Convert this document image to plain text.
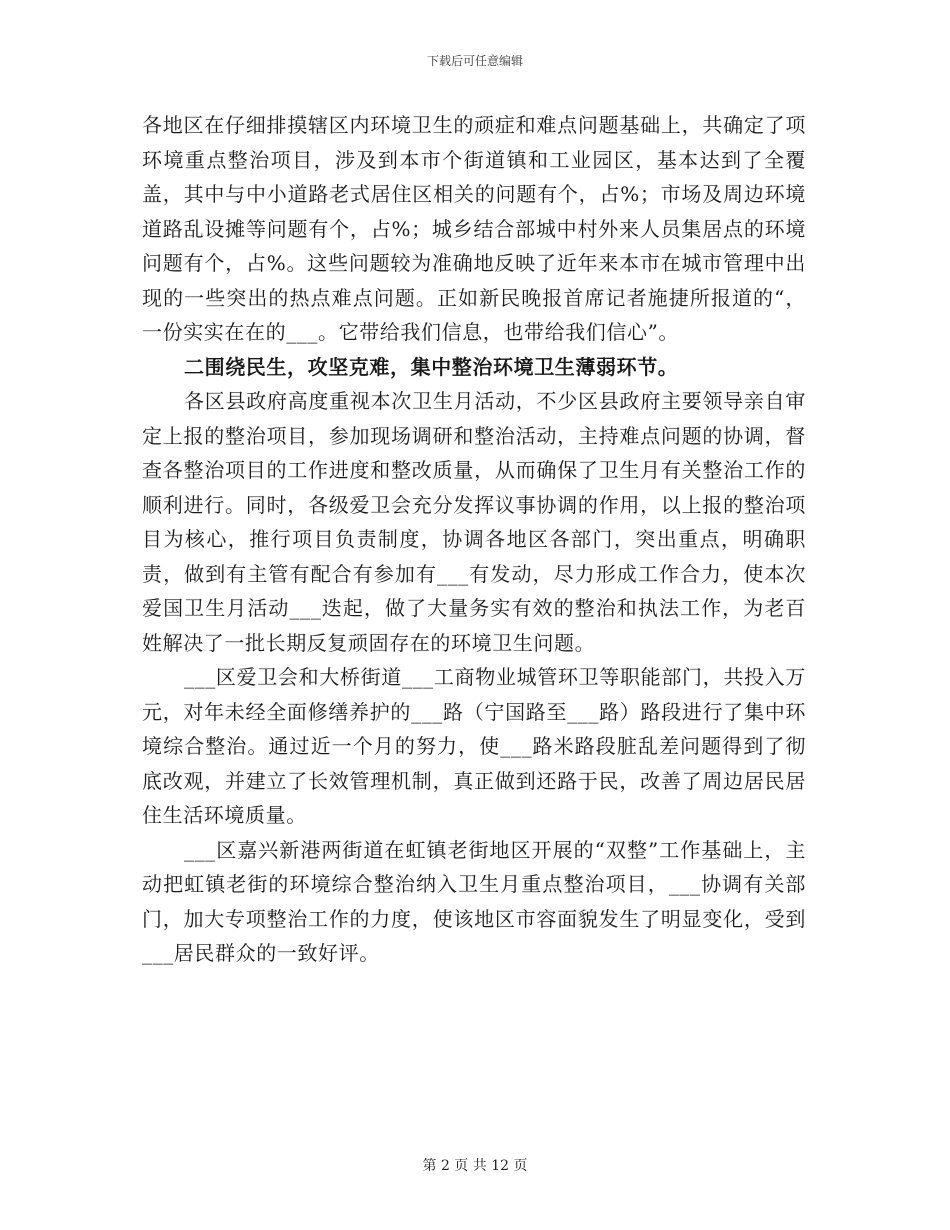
下载后可任意编辑

各地区在仔细排摸辖区内环境卫生的顽症和难点问题基础上，共确定了项环境重点整治项目，涉及到本市个街道镇和工业园区，基本达到了全覆盖，其中与中小道路老式居住区相关的问题有个，占%；市场及周边环境道路乱设摊等问题有个，占%；城乡结合部城中村外来人员集居点的环境问题有个，占%。这些问题较为准确地反映了近年来本市在城市管理中出现的一些突出的热点难点问题。正如新民晚报首席记者施捷所报道的“，一份实实在在的___。它带给我们信息，也带给我们信心”。

二围绕民生，攻坚克难，集中整治环境卫生薄弱环节。

各区县政府高度重视本次卫生月活动，不少区县政府主要领导亲自审定上报的整治项目，参加现场调研和整治活动，主持难点问题的协调，督查各整治项目的工作进度和整改质量，从而确保了卫生月有关整治工作的顺利进行。同时，各级爱卫会充分发挥议事协调的作用，以上报的整治项目为核心，推行项目负责制度，协调各地区各部门，突出重点，明确职责，做到有主管有配合有参加有___有发动，尽力形成工作合力，使本次爱国卫生月活动___迭起，做了大量务实有效的整治和执法工作，为老百姓解决了一批长期反复顽固存在的环境卫生问题。

___区爱卫会和大桥街道___工商物业城管环卫等职能部门，共投入万元，对年未经全面修缮养护的___路（宁国路至___路）路段进行了集中环境综合整治。通过近一个月的努力，使___路米路段脏乱差问题得到了彻底改观，并建立了长效管理机制，真正做到还路于民，改善了周边居民居住生活环境质量。

___区嘉兴新港两街道在虹镇老街地区开展的“双整”工作基础上，主动把虹镇老街的环境综合整治纳入卫生月重点整治项目，___协调有关部门，加大专项整治工作的力度，使该地区市容面貌发生了明显变化，受到___居民群众的一致好评。

第 2 页 共 12 页
